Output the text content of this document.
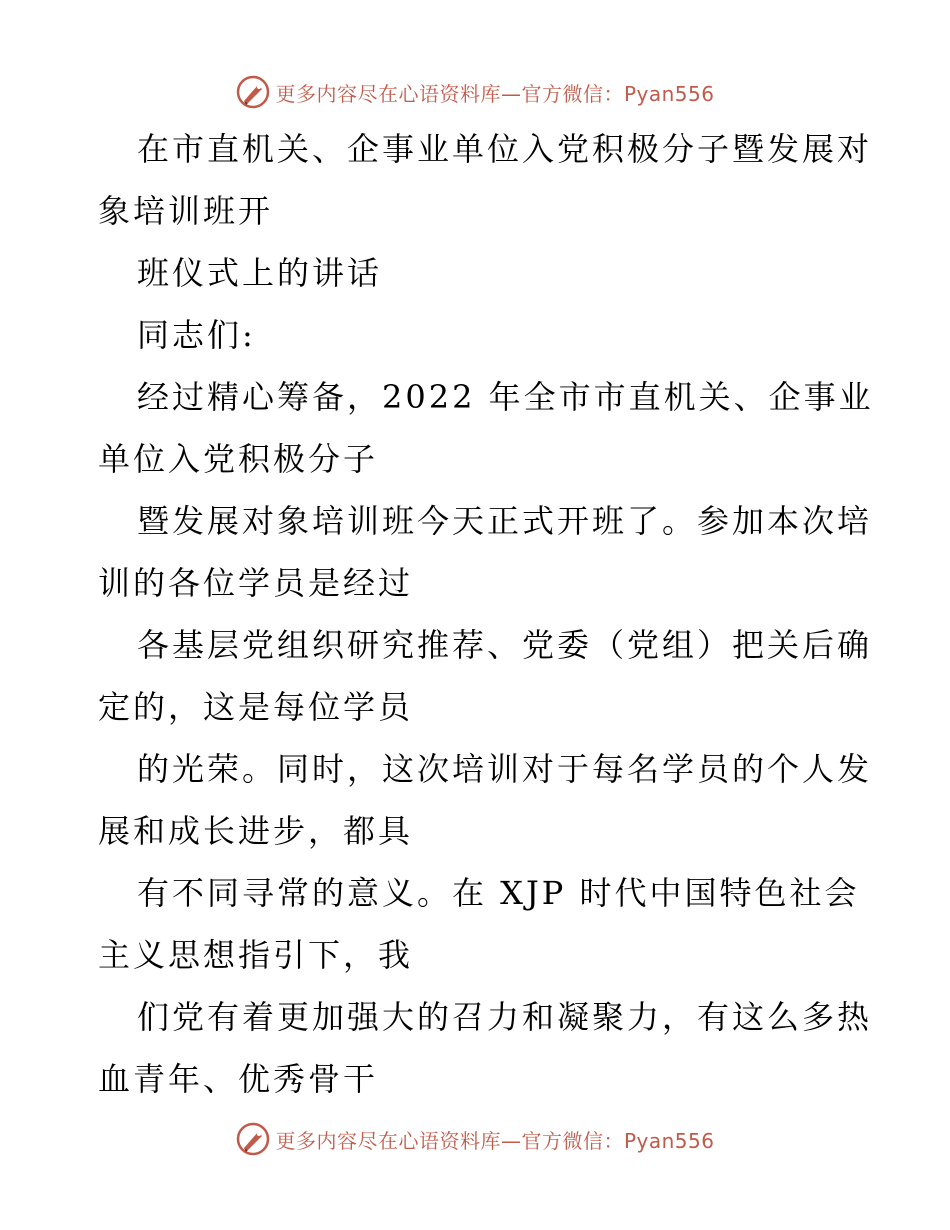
更多内容尽在心语资料库—官方微信：Pyan556
在市直机关、企事业单位入党积极分子暨发展对
象培训班开
班仪式上的讲话
同志们:
经过精心筹备，2022 年全市市直机关、企事业
单位入党积极分子
暨发展对象培训班今天正式开班了。参加本次培
训的各位学员是经过
各基层党组织研究推荐、党委（党组）把关后确
定的，这是每位学员
的光荣。同时，这次培训对于每名学员的个人发
展和成长进步，都具
有不同寻常的意义。在 XJP 时代中国特色社会
主义思想指引下，我
们党有着更加强大的召力和凝聚力，有这么多热
血青年、优秀骨干
更多内容尽在心语资料库—官方微信：Pyan556
